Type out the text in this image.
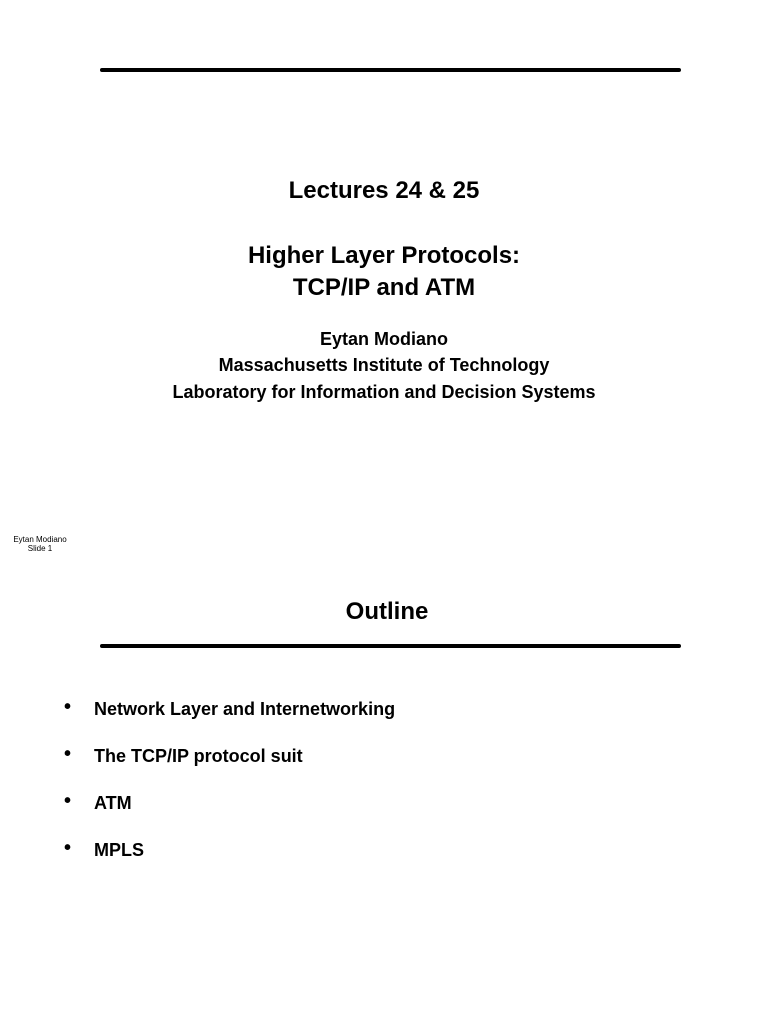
Lectures 24 & 25
Higher Layer Protocols:
TCP/IP and ATM
Eytan Modiano
Massachusetts Institute of Technology
Laboratory for Information and Decision Systems
Eytan Modiano
Slide 1
Outline
• Network Layer and Internetworking
• The TCP/IP protocol suit
• ATM
• MPLS
